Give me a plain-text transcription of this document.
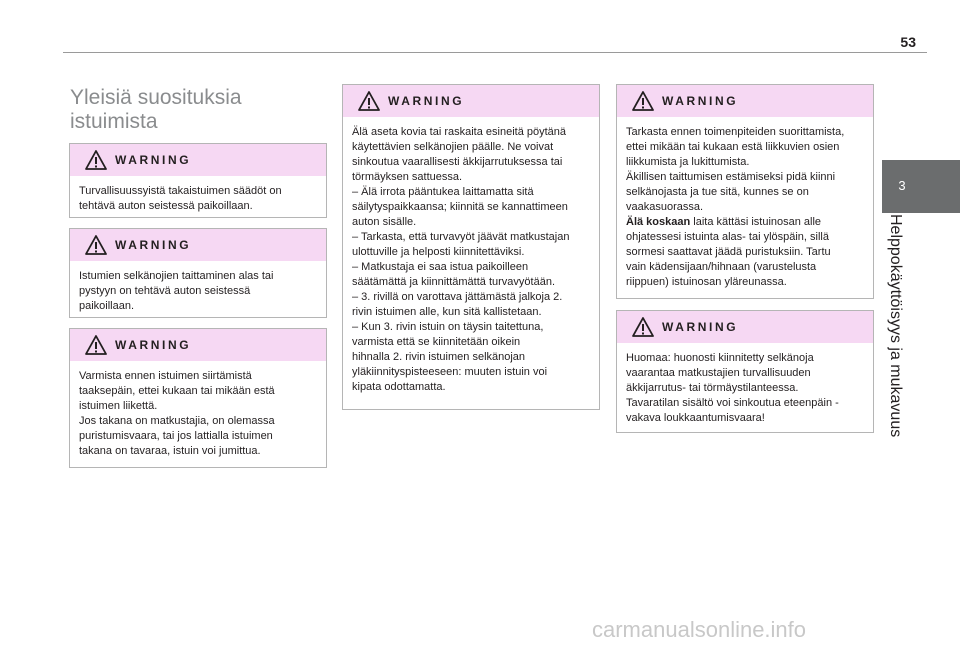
53
3
Helppokäyttöisyys ja mukavuus
Yleisiä suosituksia
istuimista
WARNING

Turvallisuussyistä takaistuimen säädöt on

tehtävä auton seistessä paikoillaan.

WARNING

Istumien selkänojien taittaminen alas tai

pystyyn on tehtävä auton seistessä

paikoillaan.

WARNING

Varmista ennen istuimen siirtämistä

taaksepäin, ettei kukaan tai mikään estä

istuimen liikettä.

Jos takana on matkustajia, on olemassa

puristumisvaara, tai jos lattialla istuimen

takana on tavaraa, istuin voi jumittua.

WARNING

Älä aseta kovia tai raskaita esineitä pöytänä

käytettävien selkänojien päälle. Ne voivat

sinkoutua vaarallisesti äkkijarrutuksessa tai

törmäyksen sattuessa.

– Älä irrota pääntukea laittamatta sitä

säilytyspaikkaansa; kiinnitä se kannattimeen

auton sisälle.

– Tarkasta, että turvavyöt jäävät matkustajan

ulottuville ja helposti kiinnitettäviksi.

– Matkustaja ei saa istua paikoilleen

säätämättä ja kiinnittämättä turvavyötään.

– 3. rivillä on varottava jättämästä jalkoja 2.

rivin istuimen alle, kun sitä kallistetaan.

– Kun 3. rivin istuin on täysin taitettuna,

varmista että se kiinnitetään oikein

hihnalla 2. rivin istuimen selkänojan

yläkiinnityspisteeseen: muuten istuin voi

kipata odottamatta.

WARNING

Tarkasta ennen toimenpiteiden suorittamista,

ettei mikään tai kukaan estä liikkuvien osien

liikkumista ja lukittumista.

Äkillisen taittumisen estämiseksi pidä kiinni

selkänojasta ja tue sitä, kunnes se on

vaakasuorassa.

Älä koskaan laita kättäsi istuinosan alle

ohjatessesi istuinta alas- tai ylöspäin, sillä

sormesi saattavat jäädä puristuksiin. Tartu

vain kädensijaan/hihnaan (varustelusta

riippuen) istuinosan yläreunassa.

WARNING

Huomaa: huonosti kiinnitetty selkänoja

vaarantaa matkustajien turvallisuuden

äkkijarrutus- tai törmäystilanteessa.

Tavaratilan sisältö voi sinkoutua eteenpäin -

vakava loukkaantumisvaara!

carmanualsonline.info
